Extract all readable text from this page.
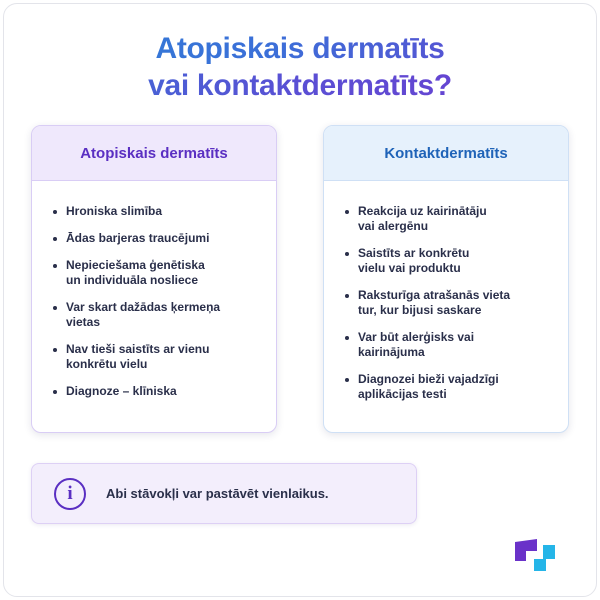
Atopiskais dermatīts
vai kontaktdermatīts?
Atopiskais dermatīts
Hroniska slimība
Ādas barjeras traucējumi
Nepieciešama ģenētiska
un individuāla nosliece
Var skart dažādas ķermeņa
vietas
Nav tieši saistīts ar vienu
konkrētu vielu
Diagnoze – klīniska
Kontaktdermatīts
Reakcija uz kairinātāju
vai alergēnu
Saistīts ar konkrētu
vielu vai produktu
Raksturīga atrašanās vieta
tur, kur bijusi saskare
Var būt alerģisks vai
kairinājuma
Diagnozei bieži vajadzīgi
aplikācijas testi
i	Abi stāvokļi var pastāvēt vienlaikus.
